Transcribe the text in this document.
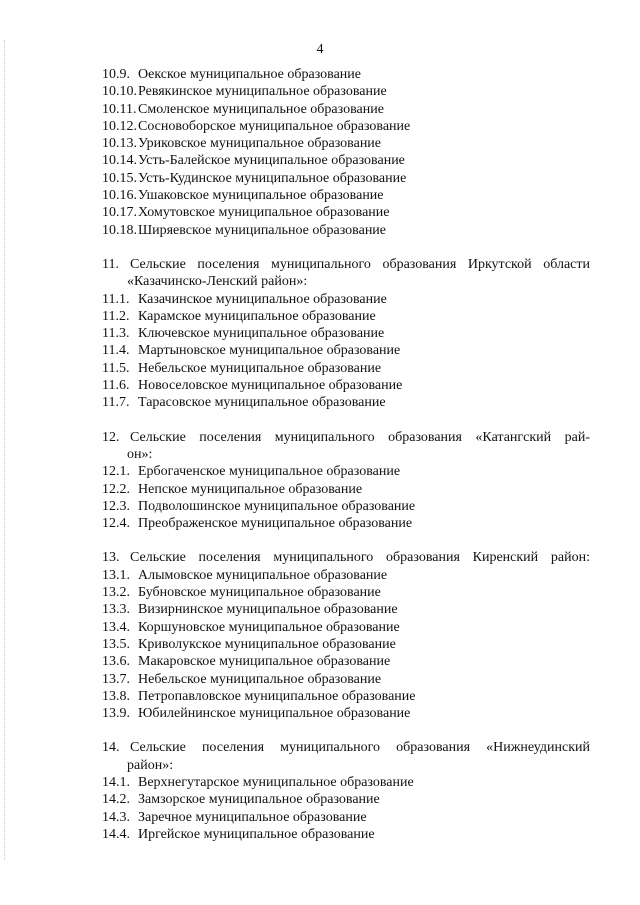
4
10.9. Оекское муниципальное образование
10.10.Ревякинское муниципальное образование
10.11. Смоленское муниципальное образование
10.12.Сосновоборское муниципальное образование
10.13.Уриковское муниципальное образование
10.14.Усть-Балейское муниципальное образование
10.15.Усть-Кудинское муниципальное образование
10.16.Ушаковское муниципальное образование
10.17.Хомутовское муниципальное образование
10.18.Ширяевское муниципальное образование
11. Сельские поселения муниципального образования Иркутской области
«Казачинско-Ленский район»:
11.1. Казачинское муниципальное образование
11.2. Карамское муниципальное образование
11.3. Ключевское муниципальное образование
11.4. Мартыновское муниципальное образование
11.5. Небельское муниципальное образование
11.6. Новоселовское муниципальное образование
11.7. Тарасовское муниципальное образование
12. Сельские поселения муниципального образования «Катангский рай-
он»:
12.1. Ербогаченское муниципальное образование
12.2. Непское муниципальное образование
12.3. Подволошинское муниципальное образование
12.4. Преображенское муниципальное образование
13. Сельские поселения муниципального образования Киренский район:
13.1. Алымовское муниципальное образование
13.2. Бубновское муниципальное образование
13.3. Визирнинское муниципальное образование
13.4. Коршуновское муниципальное образование
13.5. Криволукское муниципальное образование
13.6. Макаровское муниципальное образование
13.7. Небельское муниципальное образование
13.8. Петропавловское муниципальное образование
13.9. Юбилейнинское муниципальное образование
14. Сельские поселения муниципального образования «Нижнеудинский
район»:
14.1. Верхнегутарское муниципальное образование
14.2. Замзорское муниципальное образование
14.3. Заречное муниципальное образование
14.4. Иргейское муниципальное образование
